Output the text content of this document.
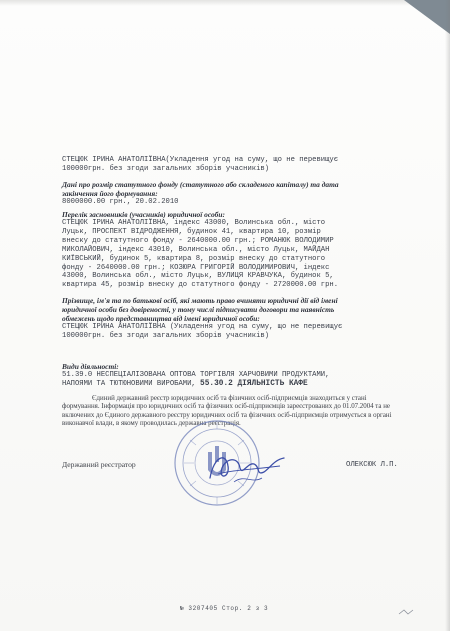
СТЕЦЮК ІРИНА АНАТОЛІЇВНА(Укладення угод на суму, що не перевищує
100000грн. без згоди загальних зборів учасників)
Дані про розмір статутного фонду (статутного або складеного капіталу) та дата
закінчення його формування:
8000000.00 грн., 20.02.2010
Перелік засновників (учасників) юридичної особи:
СТЕЦЮК ІРИНА АНАТОЛІЇВНА, індекс 43000, Волинська обл., місто
Луцьк, ПРОСПЕКТ ВІДРОДЖЕННЯ, будинок 41, квартира 10, розмір
внеску до статутного фонду - 2640000.00 грн.; РОМАНЮК ВОЛОДИМИР
МИКОЛАЙОВИЧ, індекс 43010, Волинська обл., місто Луцьк, МАЙДАН
КИЇВСЬКИЙ, будинок 5, квартира 8, розмір внеску до статутного
фонду - 2640000.00 грн.; КОЗЮРА ГРИГОРІЙ ВОЛОДИМИРОВИЧ, індекс
43000, Волинська обл., місто Луцьк, ВУЛИЦЯ КРАВЧУКА, будинок 5,
квартира 45, розмір внеску до статутного фонду - 2720000.00 грн.
Прізвище, ім'я та по батькові осіб, які мають право вчиняти юридичні дії від імені
юридичної особи без довіреності, у тому числі підписувати договори та наявність
обмежень щодо представництва від імені юридичної особи:
СТЕЦЮК ІРИНА АНАТОЛІЇВНА (Укладення угод на суму, що не перевищує
100000грн. без згоди загальних зборів учасників)
Види діяльності:
51.39.0 НЕСПЕЦІАЛІЗОВАНА ОПТОВА ТОРГІВЛЯ ХАРЧОВИМИ ПРОДУКТАМИ,
НАПОЯМИ ТА ТЮТЮНОВИМИ ВИРОБАМИ, 55.30.2 ДІЯЛЬНІСТЬ КАФЕ
Єдиний державний реєстр юридичних осіб та фізичних осіб-підприємців знаходиться у стані
формування. Інформація про юридичних осіб та фізичних осіб-підприємців зареєстрованих до 01.07.2004 та не
включених до Єдиного державного реєстру юридичних осіб та фізичних осіб-підприємців отримується в органі
виконавчої влади, в якому проводилась державна реєстрація.
Державний реєстратор	ОЛЕКСЮК Л.П.
№ 3207405 Стор. 2 з 3
